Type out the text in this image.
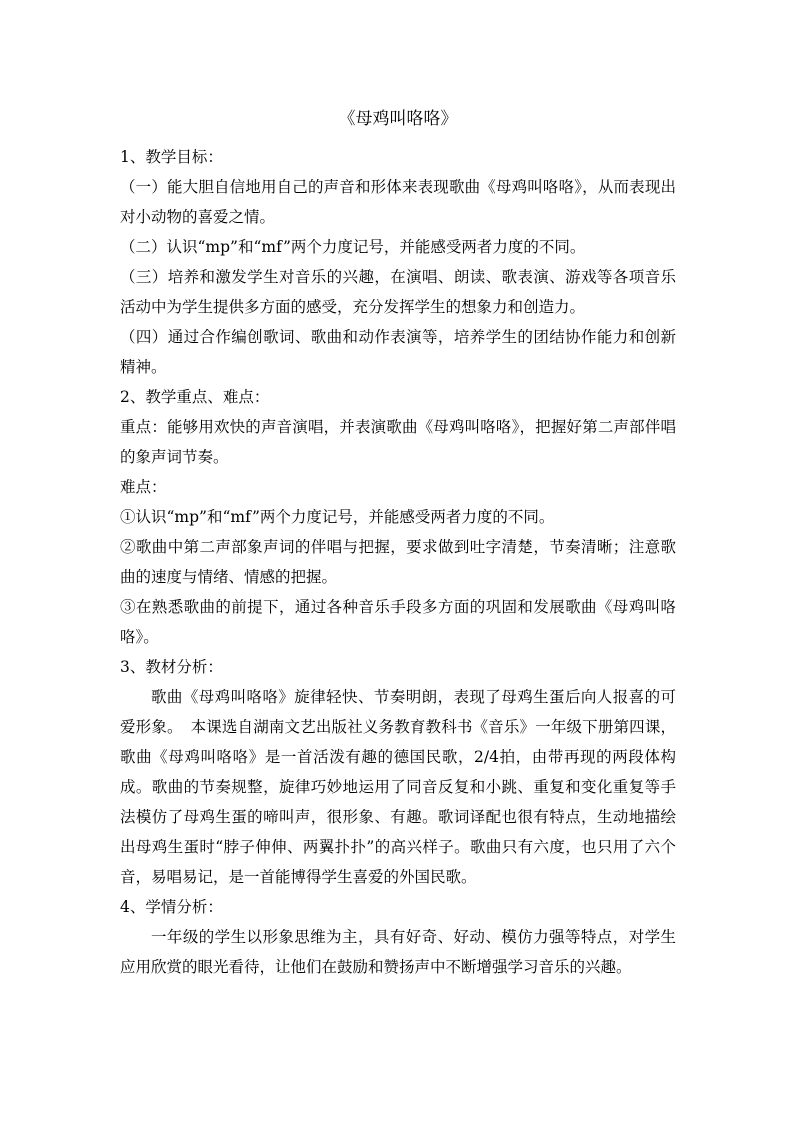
《母鸡叫咯咯》
1、教学目标：
（一）能大胆自信地用自己的声音和形体来表现歌曲《母鸡叫咯咯》，从而表现出对小动物的喜爱之情。
（二）认识“mp”和“mf”两个力度记号，并能感受两者力度的不同。
（三）培养和激发学生对音乐的兴趣，在演唱、朗读、歌表演、游戏等各项音乐活动中为学生提供多方面的感受，充分发挥学生的想象力和创造力。
（四）通过合作编创歌词、歌曲和动作表演等，培养学生的团结协作能力和创新精神。
2、教学重点、难点：
重点：能够用欢快的声音演唱，并表演歌曲《母鸡叫咯咯》，把握好第二声部伴唱的象声词节奏。
难点：
①认识“mp”和“mf”两个力度记号，并能感受两者力度的不同。
②歌曲中第二声部象声词的伴唱与把握，要求做到吐字清楚，节奏清晰；注意歌曲的速度与情绪、情感的把握。
③在熟悉歌曲的前提下，通过各种音乐手段多方面的巩固和发展歌曲《母鸡叫咯咯》。
3、教材分析：
歌曲《母鸡叫咯咯》旋律轻快、节奏明朗，表现了母鸡生蛋后向人报喜的可爱形象。　本课选自湖南文艺出版社义务教育教科书《音乐》一年级下册第四课，歌曲《母鸡叫咯咯》是一首活泼有趣的德国民歌，2/4拍，由带再现的两段体构成。歌曲的节奏规整，旋律巧妙地运用了同音反复和小跳、重复和变化重复等手法模仿了母鸡生蛋的啼叫声，很形象、有趣。歌词译配也很有特点，生动地描绘出母鸡生蛋时“脖子伸伸、两翼扑扑”的高兴样子。歌曲只有六度，也只用了六个音，易唱易记，是一首能博得学生喜爱的外国民歌。
4、学情分析：
一年级的学生以形象思维为主，具有好奇、好动、模仿力强等特点，对学生应用欣赏的眼光看待，让他们在鼓励和赞扬声中不断增强学习音乐的兴趣。
